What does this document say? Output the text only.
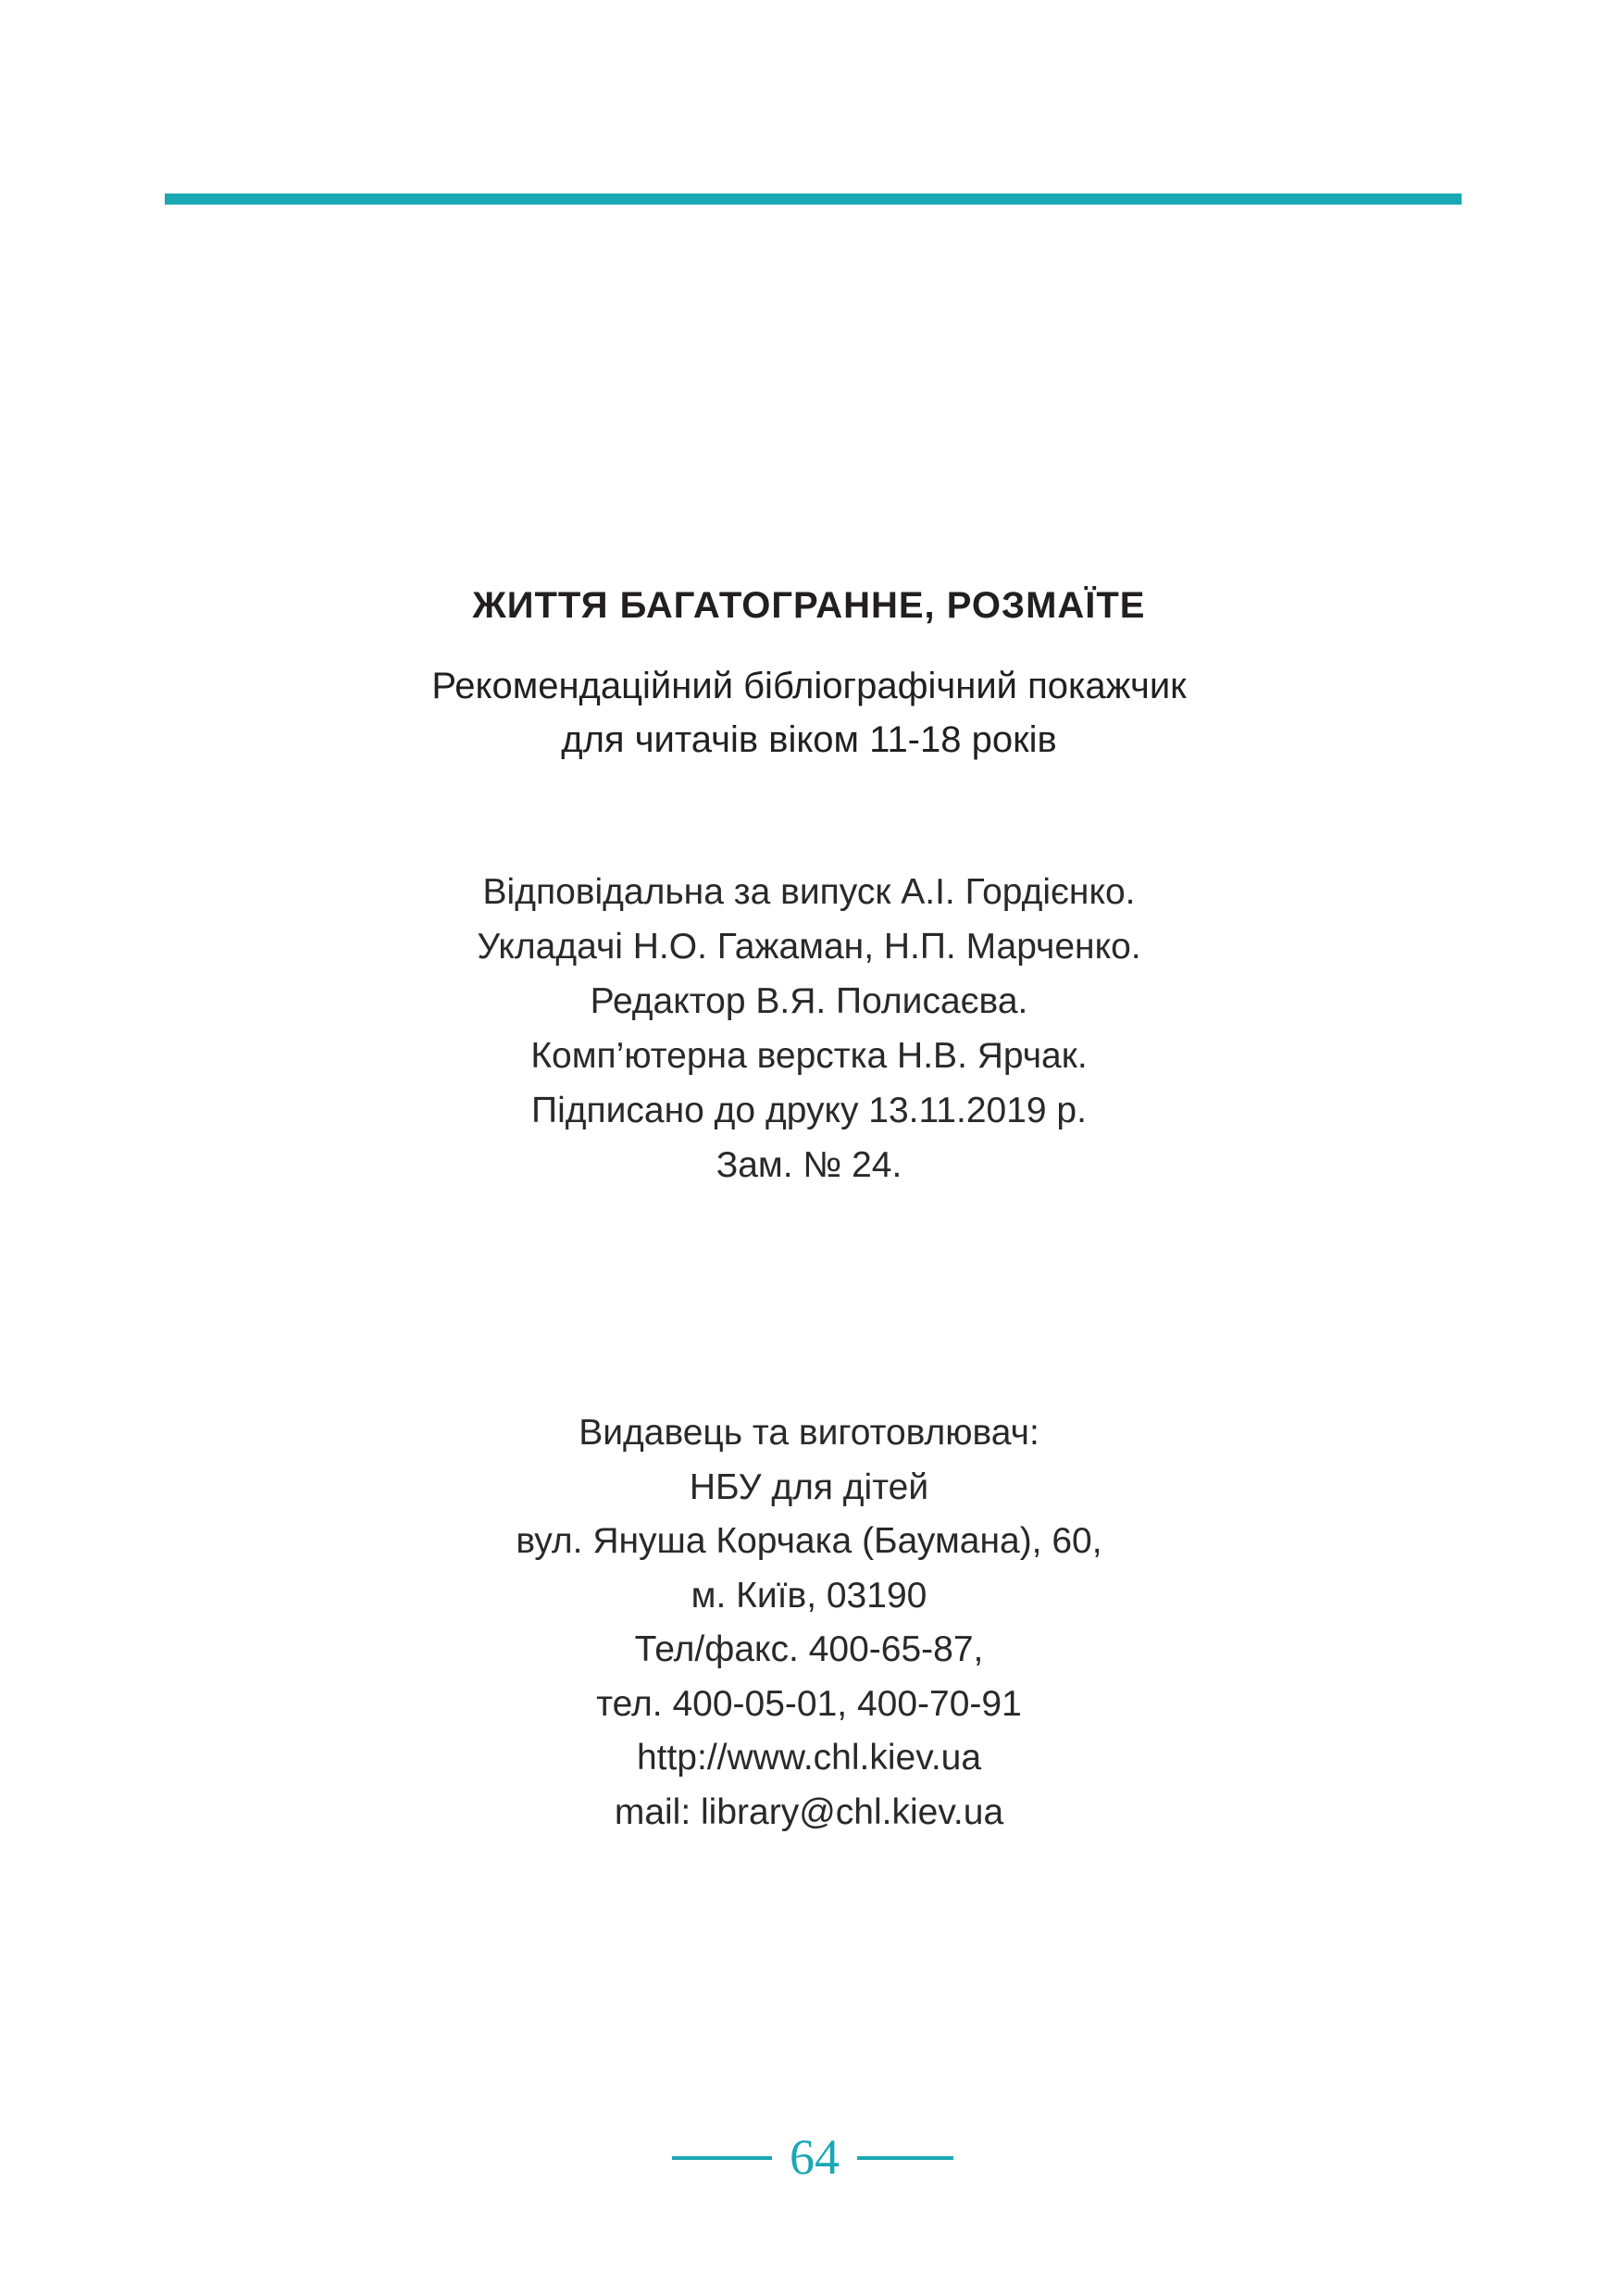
ЖИТТЯ БАГАТОГРАННЕ, РОЗМАЇТЕ
Рекомендаційний бібліографічний покажчик
для читачів віком 11-18 років
Відповідальна за випуск А.І. Гордієнко.
Укладачі Н.О. Гажаман, Н.П. Марченко.
Редактор В.Я. Полисаєва.
Комп’ютерна верстка Н.В. Ярчак.
Підписано до друку 13.11.2019 р.
Зам. № 24.
Видавець та виготовлювач:
НБУ для дітей
вул. Януша Корчака (Баумана), 60,
м. Київ, 03190
Тел/факс. 400-65-87,
тел. 400-05-01, 400-70-91
http://www.chl.kiev.ua
mail: library@chl.kiev.ua
64
